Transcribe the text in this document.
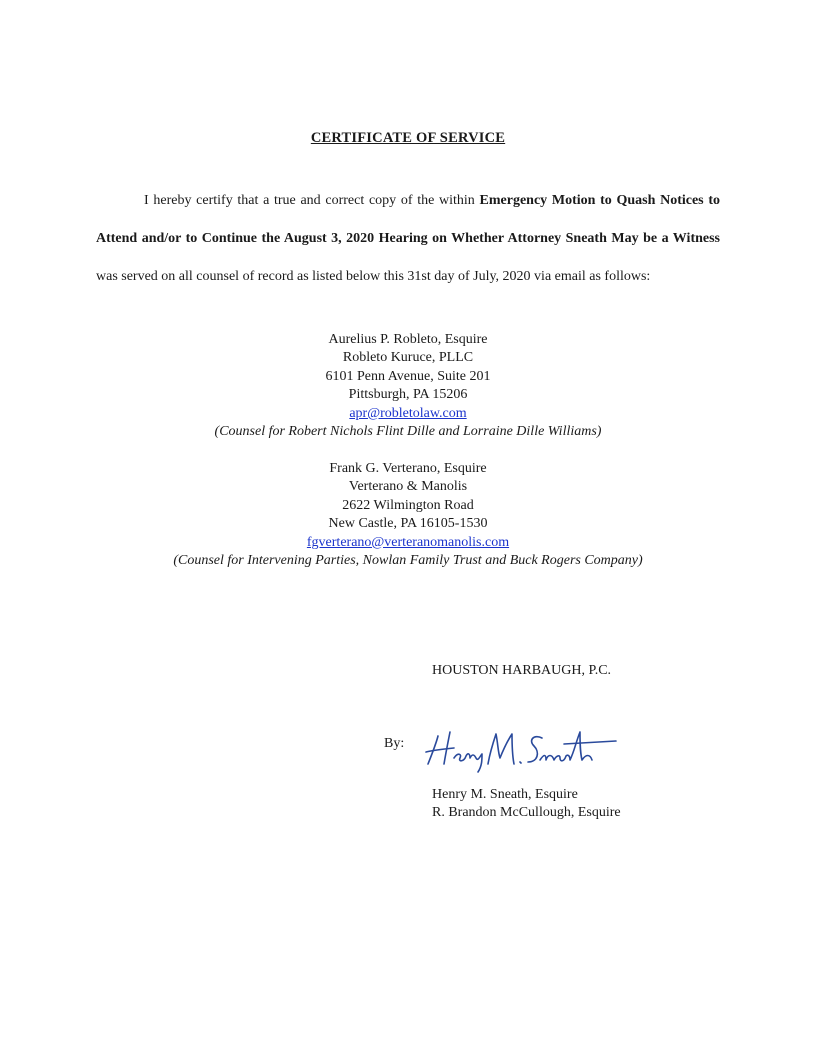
CERTIFICATE OF SERVICE

I hereby certify that a true and correct copy of the within Emergency Motion to Quash Notices to Attend and/or to Continue the August 3, 2020 Hearing on Whether Attorney Sneath May be a Witness was served on all counsel of record as listed below this 31st day of July, 2020 via email as follows:

Aurelius P. Robleto, Esquire
Robleto Kuruce, PLLC
6101 Penn Avenue, Suite 201
Pittsburgh, PA 15206
apr@robletolaw.com
(Counsel for Robert Nichols Flint Dille and Lorraine Dille Williams)
Frank G. Verterano, Esquire
Verterano & Manolis
2622 Wilmington Road
New Castle, PA 16105-1530
fgverterano@verteranomanolis.com
(Counsel for Intervening Parties, Nowlan Family Trust and Buck Rogers Company)
HOUSTON HARBAUGH, P.C.
By:
Henry M. Sneath, Esquire
R. Brandon McCullough, Esquire
